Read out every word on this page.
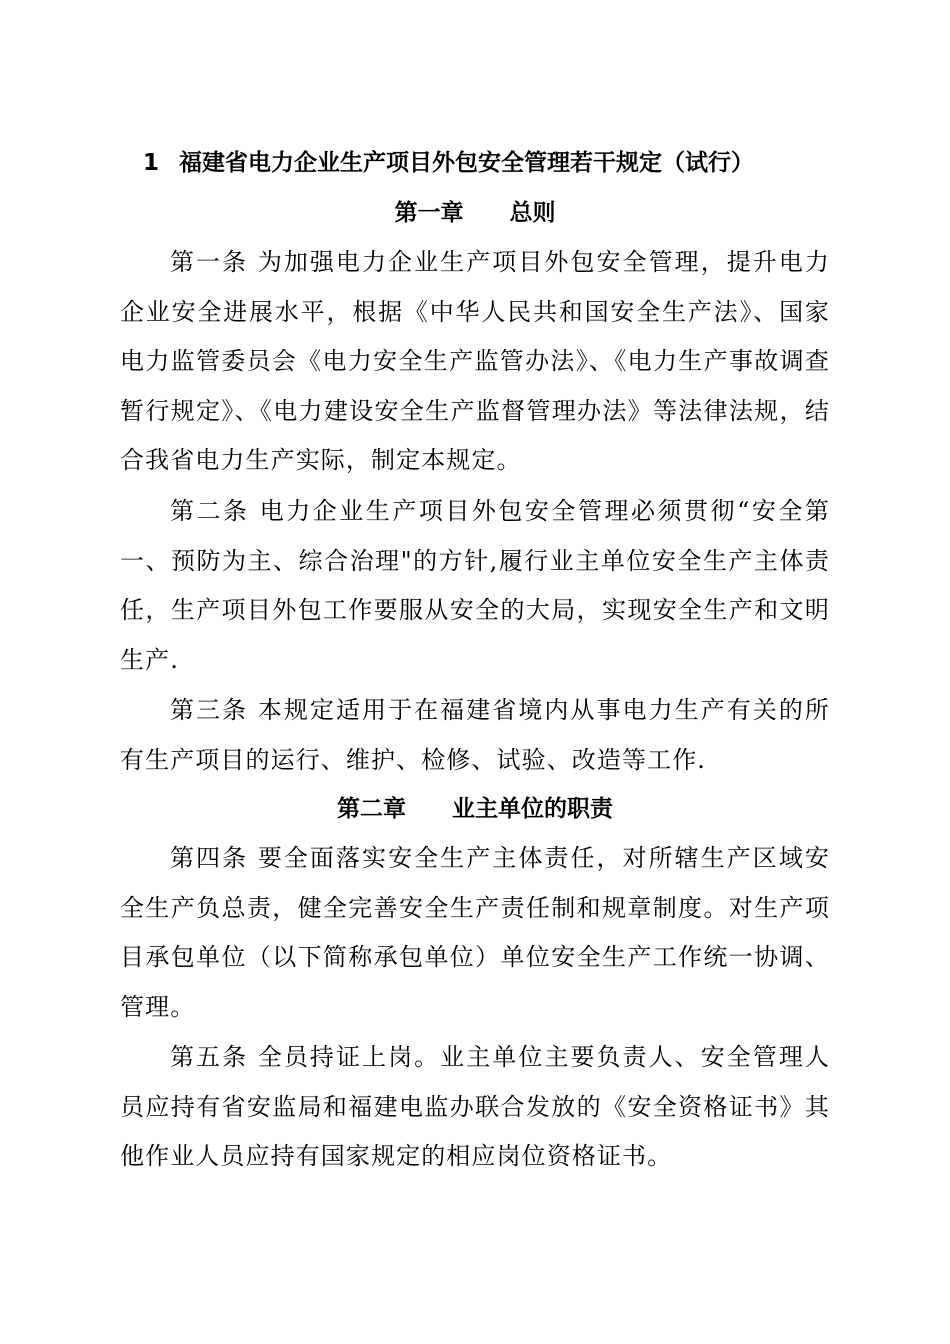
1 福建省电力企业生产项目外包安全管理若干规定（试行）
第一章　　总则

第一条 为加强电力企业生产项目外包安全管理，提升电力企业安全进展水平，根据《中华人民共和国安全生产法》、国家电力监管委员会《电力安全生产监管办法》、《电力生产事故调查暂行规定》、《电力建设安全生产监督管理办法》等法律法规，结合我省电力生产实际，制定本规定。

第二条 电力企业生产项目外包安全管理必须贯彻“安全第一、预防为主、综合治理"的方针,履行业主单位安全生产主体责任，生产项目外包工作要服从安全的大局，实现安全生产和文明生产.

第三条 本规定适用于在福建省境内从事电力生产有关的所有生产项目的运行、维护、检修、试验、改造等工作.

第二章　　业主单位的职责

第四条 要全面落实安全生产主体责任，对所辖生产区域安全生产负总责，健全完善安全生产责任制和规章制度。对生产项目承包单位（以下简称承包单位）单位安全生产工作统一协调、管理。

第五条 全员持证上岗。业主单位主要负责人、安全管理人员应持有省安监局和福建电监办联合发放的《安全资格证书》其他作业人员应持有国家规定的相应岗位资格证书。
